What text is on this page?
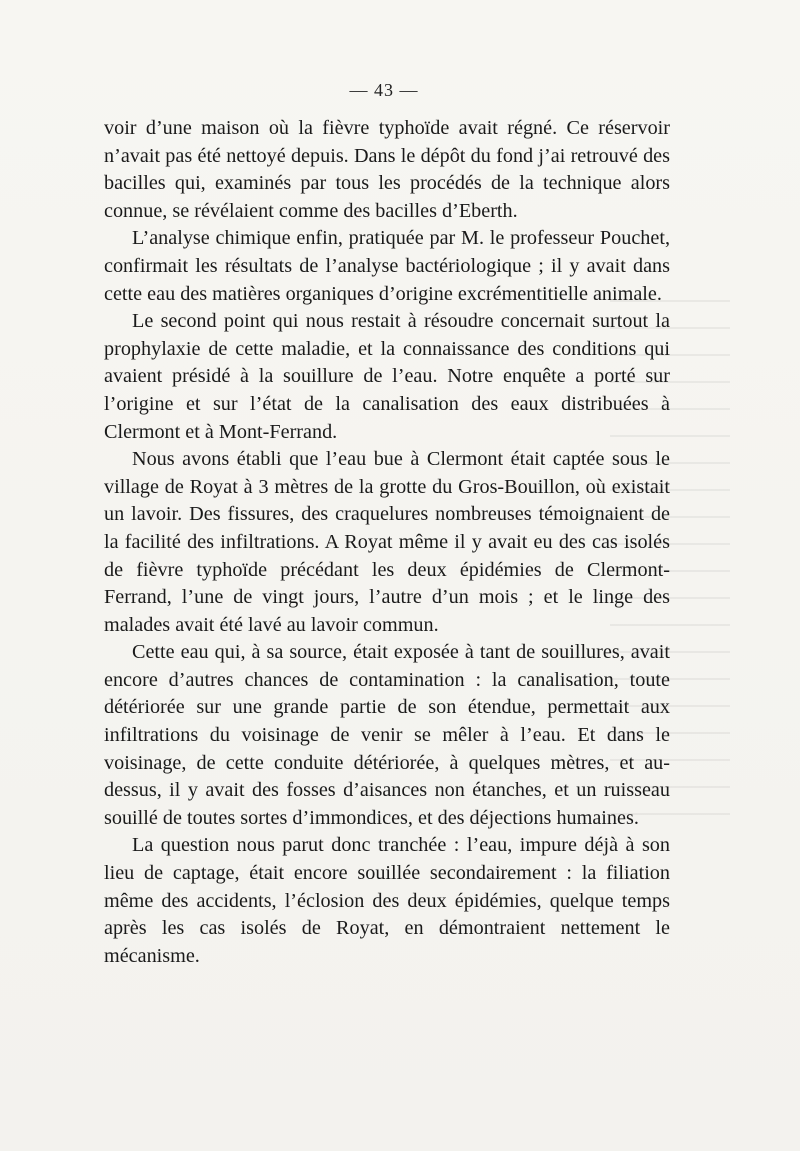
— 43 —

voir d’une maison où la fièvre typhoïde avait régné. Ce réservoir n’avait pas été nettoyé depuis. Dans le dépôt du fond j’ai retrouvé des bacilles qui, examinés par tous les procédés de la technique alors connue, se révélaient comme des bacilles d’Eberth.

L’analyse chimique enfin, pratiquée par M. le professeur Pouchet, confirmait les résultats de l’analyse bactériologique ; il y avait dans cette eau des matières organiques d’origine excrémentitielle animale.

Le second point qui nous restait à résoudre concernait surtout la prophylaxie de cette maladie, et la connaissance des conditions qui avaient présidé à la souillure de l’eau. Notre enquête a porté sur l’origine et sur l’état de la canalisation des eaux distribuées à Clermont et à Mont-Ferrand.

Nous avons établi que l’eau bue à Clermont était captée sous le village de Royat à 3 mètres de la grotte du Gros-Bouillon, où existait un lavoir. Des fissures, des craquelures nombreuses témoignaient de la facilité des infiltrations. A Royat même il y avait eu des cas isolés de fièvre typhoïde précédant les deux épidémies de Clermont-Ferrand, l’une de vingt jours, l’autre d’un mois ; et le linge des malades avait été lavé au lavoir commun.

Cette eau qui, à sa source, était exposée à tant de souillures, avait encore d’autres chances de contamination : la canalisation, toute détériorée sur une grande partie de son étendue, permettait aux infiltrations du voisinage de venir se mêler à l’eau. Et dans le voisinage, de cette conduite détériorée, à quelques mètres, et au-dessus, il y avait des fosses d’aisances non étanches, et un ruisseau souillé de toutes sortes d’immondices, et des déjections humaines.

La question nous parut donc tranchée : l’eau, impure déjà à son lieu de captage, était encore souillée secondairement : la filiation même des accidents, l’éclosion des deux épidémies, quelque temps après les cas isolés de Royat, en démontraient nettement le mécanisme.
